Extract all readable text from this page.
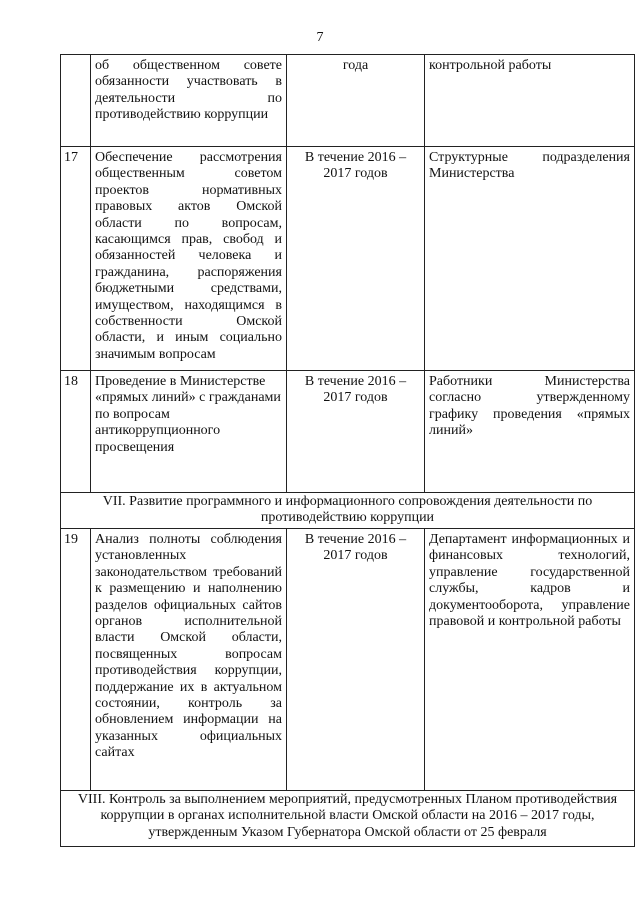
7
	об общественном совете обязанности участвовать в деятельности по противодействию коррупции	года	контрольной работы
17	Обеспечение рассмотрения общественным советом проектов нормативных правовых актов Омской области по вопросам, касающимся прав, свобод и обязанностей человека и гражданина, распоряжения бюджетными средствами, имуществом, находящимся в собственности Омской области, и иным социально значимым вопросам	В течение 2016 – 2017 годов	Структурные подразделения Министерства
18	Проведение в Министерстве «прямых линий» с гражданами по вопросам антикоррупционного просвещения	В течение 2016 – 2017 годов	Работники Министерства согласно утвержденному графику проведения «прямых линий»
VII. Развитие программного и информационного сопровождения деятельности по противодействию коррупции			
19	Анализ полноты соблюдения установленных законодательством требований к размещению и наполнению разделов официальных сайтов органов исполнительной власти Омской области, посвященных вопросам противодействия коррупции, поддержание их в актуальном состоянии, контроль за обновлением информации на указанных официальных сайтах	В течение 2016 – 2017 годов	Департамент информационных и финансовых технологий, управление государственной службы, кадров и документооборота, управление правовой и контрольной работы
VIII. Контроль за выполнением мероприятий, предусмотренных Планом противодействия коррупции в органах исполнительной власти Омской области на 2016 – 2017 годы, утвержденным Указом Губернатора Омской области от 25 февраля			
